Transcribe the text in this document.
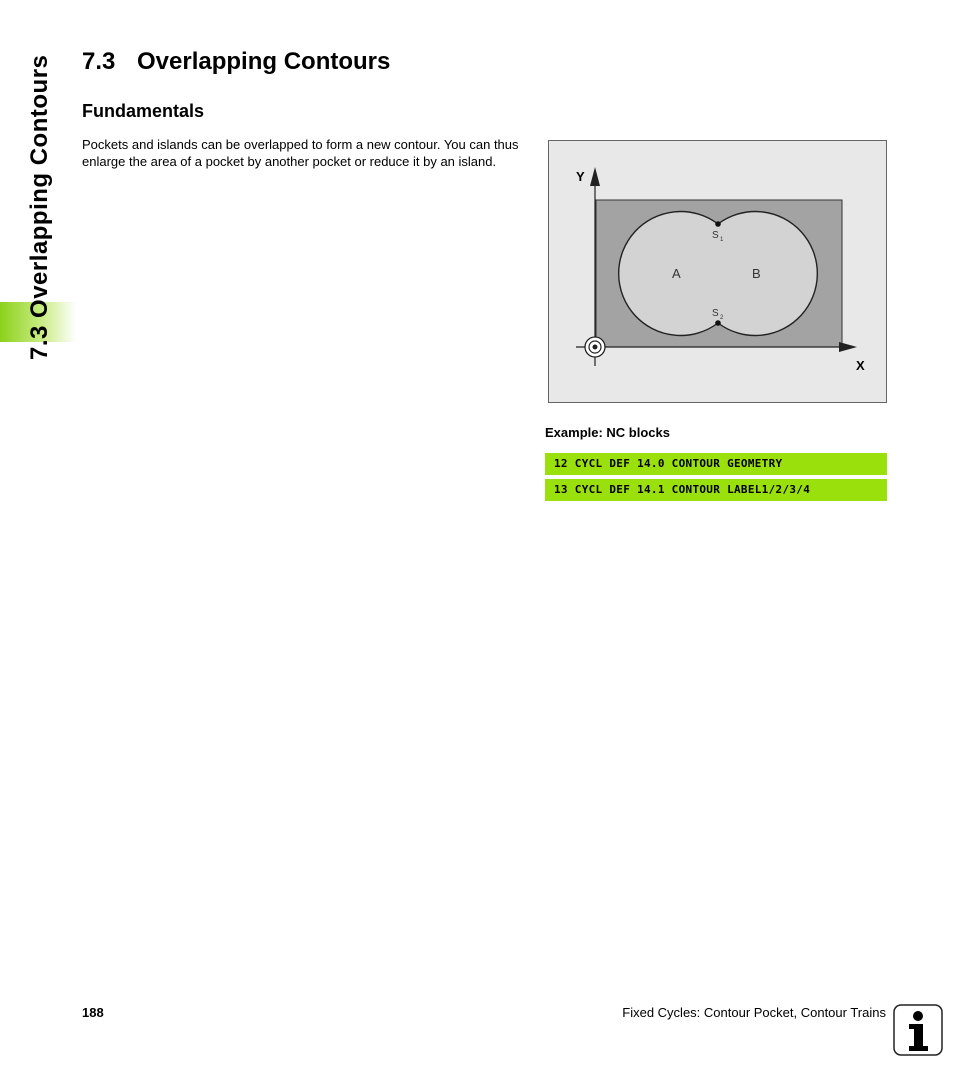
7.3 Overlapping Contours 7.3 Overlapping Contours
Fundamentals

Pockets and islands can be overlapped to form a new contour. You can thus enlarge the area of a pocket by another pocket or reduce it by an island.

Y
X
A	B
S 1
S 2

Example: NC blocks

12 CYCL DEF 14.0 CONTOUR GEOMETRY
13 CYCL DEF 14.1 CONTOUR LABEL1/2/3/4
188	Fixed Cycles: Contour Pocket, Contour Trains
